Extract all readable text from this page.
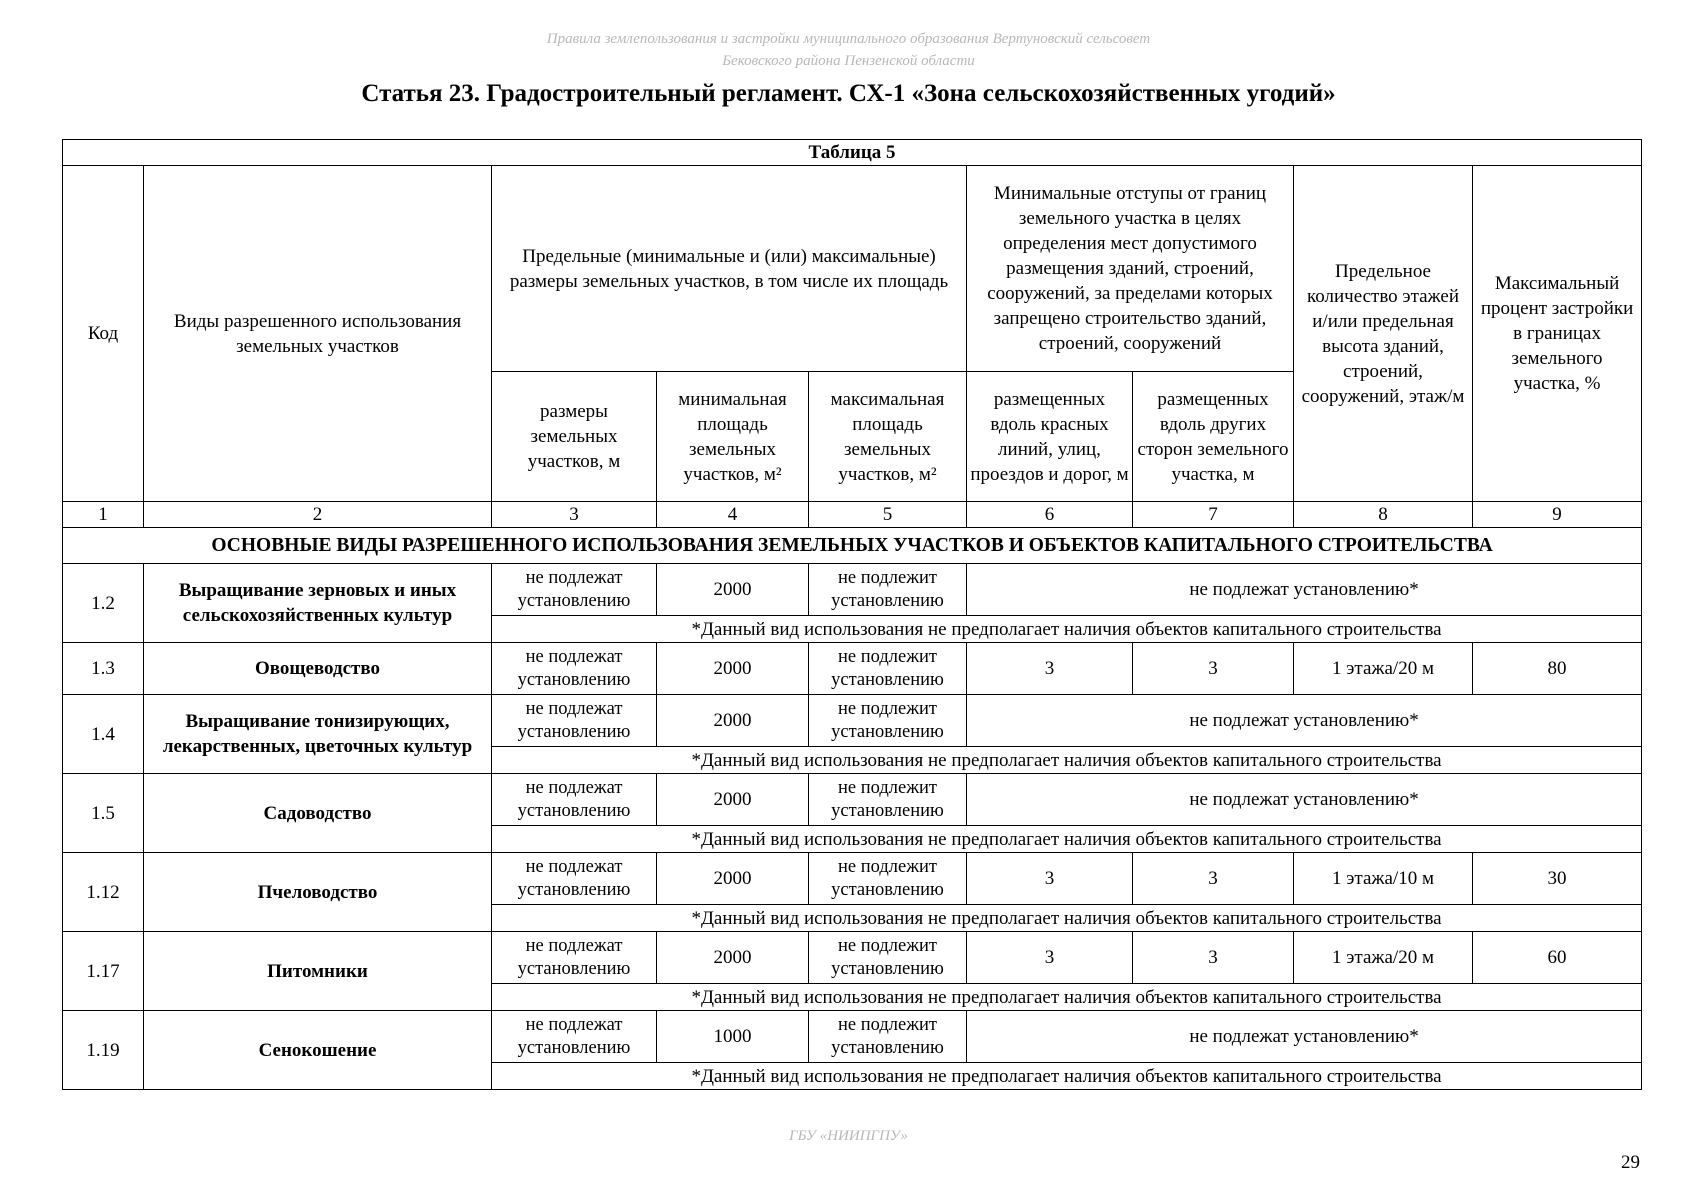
Правила землепользования и застройки муниципального образования Вертуновский сельсовет
Бековского района Пензенской области
Статья 23. Градостроительный регламент. СХ-1 «Зона сельскохозяйственных угодий»
Таблица 5								
Код	Виды разрешенного использования земельных участков	Предельные (минимальные и (или) максимальные) размеры земельных участков, в том числе их площадь			Минимальные отступы от границ земельного участка в целях определения мест допустимого размещения зданий, строений, сооружений, за пределами которых запрещено строительство зданий, строений, сооружений		Предельное количество этажей и/или предельная высота зданий, строений, сооружений, этаж/м	Максимальный процент застройки в границах земельного участка, %
		размеры земельных участков, м	минимальная площадь земельных участков, м²	максимальная площадь земельных участков, м²	размещенных вдоль красных линий, улиц, проездов и дорог, м	размещенных вдоль других сторон земельного участка, м		
1	2	3	4	5	6	7	8	9
ОСНОВНЫЕ ВИДЫ РАЗРЕШЕННОГО ИСПОЛЬЗОВАНИЯ ЗЕМЕЛЬНЫХ УЧАСТКОВ И ОБЪЕКТОВ КАПИТАЛЬНОГО СТРОИТЕЛЬСТВА								
1.2	Выращивание зерновых и иных сельскохозяйственных культур	не подлежат установлению	2000	не подлежит установлению	не подлежат установлению*			
		*Данный вид использования не предполагает наличия объектов капитального строительства						
1.3	Овощеводство	не подлежат установлению	2000	не подлежит установлению	3	3	1 этажа/20 м	80
1.4	Выращивание тонизирующих, лекарственных, цветочных культур	не подлежат установлению	2000	не подлежит установлению	не подлежат установлению*			
		*Данный вид использования не предполагает наличия объектов капитального строительства						
1.5	Садоводство	не подлежат установлению	2000	не подлежит установлению	не подлежат установлению*			
		*Данный вид использования не предполагает наличия объектов капитального строительства						
1.12	Пчеловодство	не подлежат установлению	2000	не подлежит установлению	3	3	1 этажа/10 м	30
		*Данный вид использования не предполагает наличия объектов капитального строительства						
1.17	Питомники	не подлежат установлению	2000	не подлежит установлению	3	3	1 этажа/20 м	60
		*Данный вид использования не предполагает наличия объектов капитального строительства						
1.19	Сенокошение	не подлежат установлению	1000	не подлежит установлению	не подлежат установлению*			
		*Данный вид использования не предполагает наличия объектов капитального строительства						
ГБУ «НИИПГПУ»
29
